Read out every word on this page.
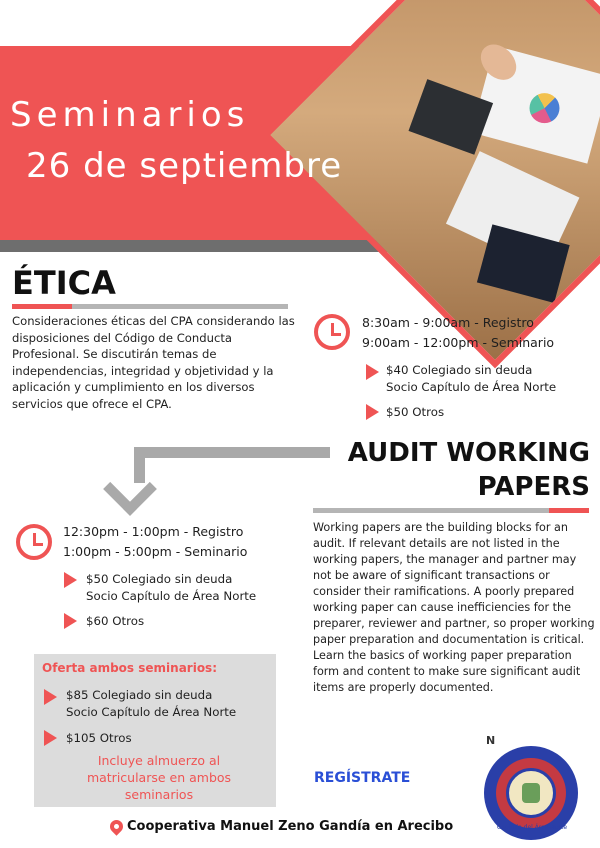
Seminarios
26 de septiembre
ÉTICA
Consideraciones éticas del CPA considerando las disposiciones del Código de Conducta Profesional. Se discutirán temas de independencias, integridad y objetividad y la aplicación y cumplimiento en los diversos servicios que ofrece el CPA.
8:30am - 9:00am - Registro
9:00am - 12:00pm - Seminario
$40 Colegiado sin deuda
Socio Capítulo de Área Norte
$50 Otros
AUDIT WORKING
PAPERS
Working papers are the building blocks for an audit. If relevant details are not listed in the working papers, the manager and partner may not be aware of significant transactions or consider their ramifications. A poorly prepared working paper can cause inefficiencies for the preparer, reviewer and partner, so proper working paper preparation and documentation is critical. Learn the basics of working paper preparation form and content to make sure significant audit items are properly documented.
12:30pm - 1:00pm - Registro
1:00pm - 5:00pm - Seminario
$50 Colegiado sin deuda
Socio Capítulo de Área Norte
$60 Otros
Oferta ambos seminarios:
$85 Colegiado sin deuda
Socio Capítulo de Área Norte
$105 Otros
Incluye almuerzo al matricularse en ambos seminarios
REGÍSTRATE
N
Capítulo del Área Norte
Cooperativa Manuel Zeno Gandía en Arecibo
